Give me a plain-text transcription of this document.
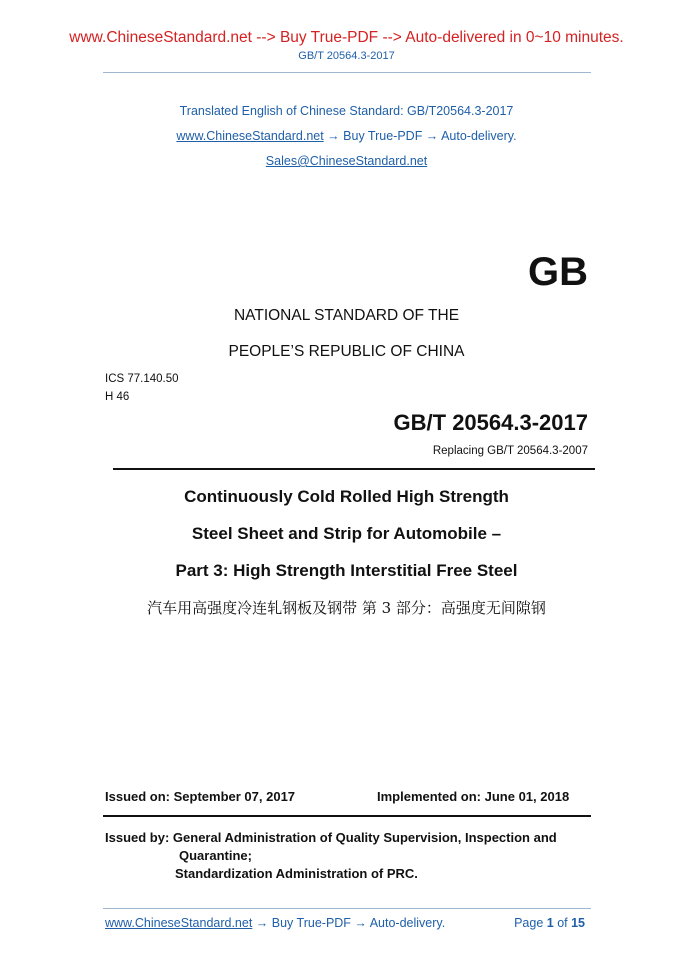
www.ChineseStandard.net --> Buy True-PDF --> Auto-delivered in 0~10 minutes.
GB/T 20564.3-2017
Translated English of Chinese Standard: GB/T20564.3-2017
www.ChineseStandard.net → Buy True-PDF → Auto-delivery.
Sales@ChineseStandard.net
GB
NATIONAL STANDARD OF THE
PEOPLE’S REPUBLIC OF CHINA
ICS 77.140.50
H 46
GB/T 20564.3-2017
Replacing GB/T 20564.3-2007
Continuously Cold Rolled High Strength
Steel Sheet and Strip for Automobile –
Part 3: High Strength Interstitial Free Steel
汽车用高强度冷连轧钢板及钢带 第 3 部分：高强度无间隙钢
Issued on: September 07, 2017	Implemented on: June 01, 2018
Issued by: General Administration of Quality Supervision, Inspection and
Quarantine;
Standardization Administration of PRC.
www.ChineseStandard.net → Buy True-PDF → Auto-delivery.	Page 1 of 15
